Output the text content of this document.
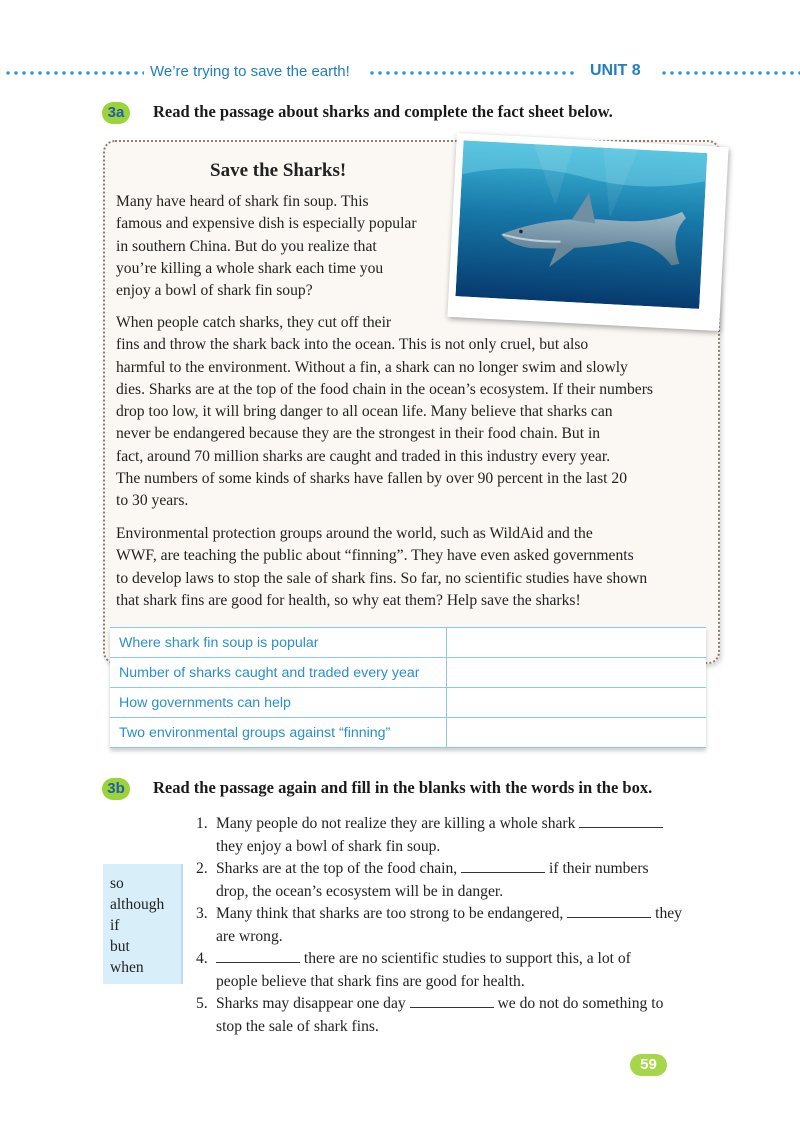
We’re trying to save the earth!	UNIT 8
3a	Read the passage about sharks and complete the fact sheet below.
Save the Sharks!
Many have heard of shark fin soup. This
famous and expensive dish is especially popular
in southern China. But do you realize that
you’re killing a whole shark each time you
enjoy a bowl of shark fin soup?
When people catch sharks, they cut off their
fins and throw the shark back into the ocean. This is not only cruel, but also
harmful to the environment. Without a fin, a shark can no longer swim and slowly
dies. Sharks are at the top of the food chain in the ocean’s ecosystem. If their numbers
drop too low, it will bring danger to all ocean life. Many believe that sharks can
never be endangered because they are the strongest in their food chain. But in
fact, around 70 million sharks are caught and traded in this industry every year.
The numbers of some kinds of sharks have fallen by over 90 percent in the last 20
to 30 years.
Environmental protection groups around the world, such as WildAid and the
WWF, are teaching the public about “finning”. They have even asked governments
to develop laws to stop the sale of shark fins. So far, no scientific studies have shown
that shark fins are good for health, so why eat them? Help save the sharks!
Where shark fin soup is popular	
Number of sharks caught and traded every year	
How governments can help	
Two environmental groups against “finning”	
3b	Read the passage again and fill in the blanks with the words in the box.
so
although
if
but
when
1. Many people do not realize they are killing a whole shark
they enjoy a bowl of shark fin soup.
2. Sharks are at the top of the food chain,	if their numbers
drop, the ocean’s ecosystem will be in danger.
3. Many think that sharks are too strong to be endangered,	they
are wrong.
4.	there are no scientific studies to support this, a lot of
people believe that shark fins are good for health.
5. Sharks may disappear one day	we do not do something to
stop the sale of shark fins.
59
